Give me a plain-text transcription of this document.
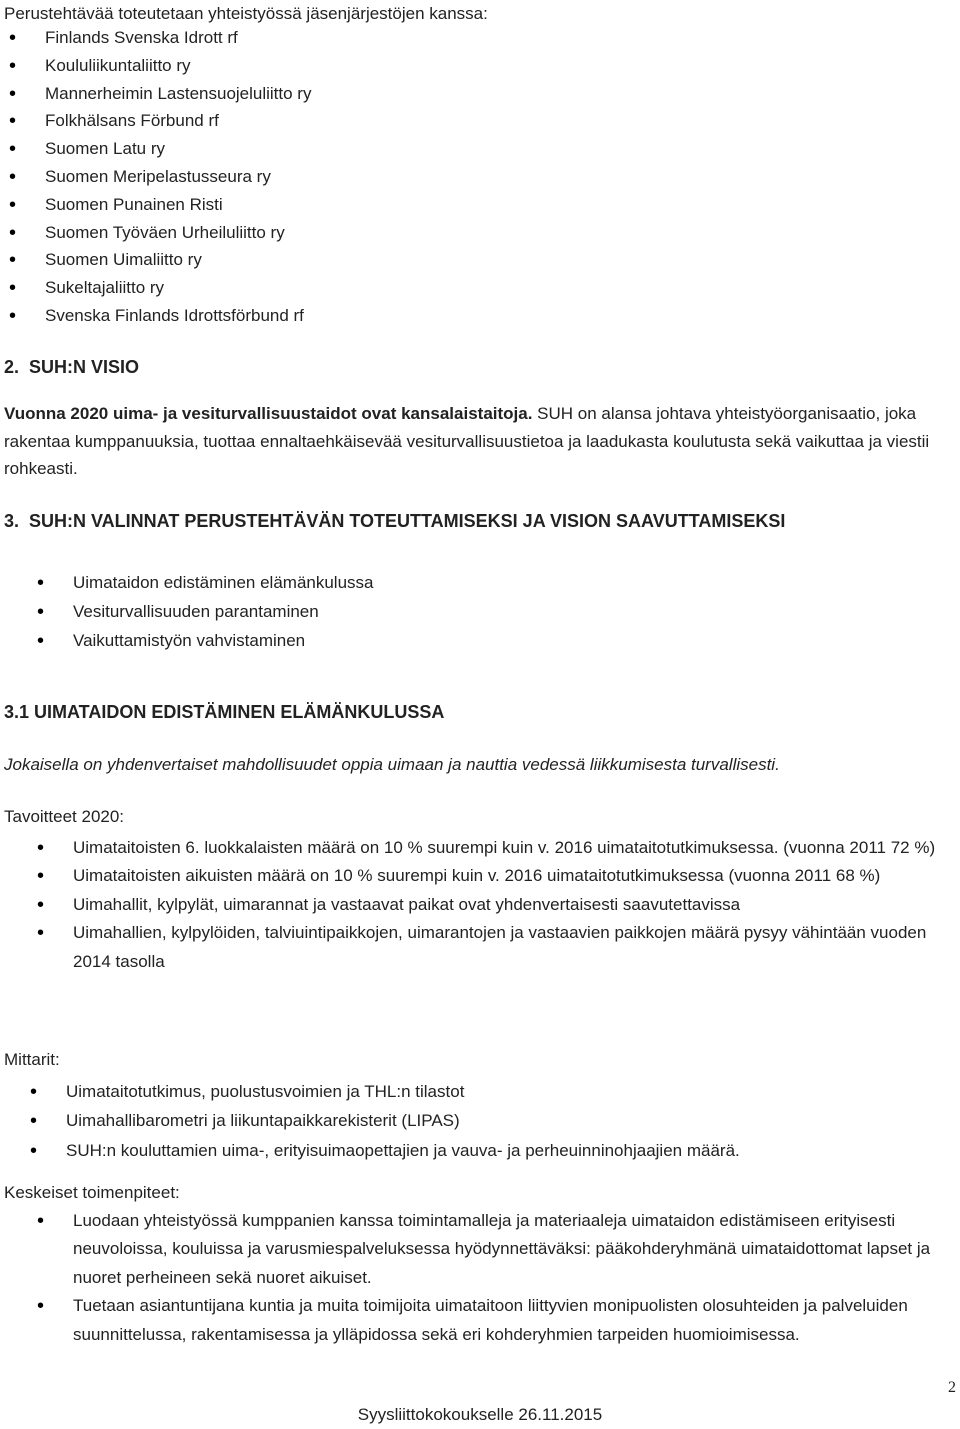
Perustehtävää toteutetaan yhteistyössä jäsenjärjestöjen kanssa:

• Finlands Svenska Idrott rf
• Koululiikuntaliitto ry
• Mannerheimin Lastensuojeluliitto ry
• Folkhälsans Förbund rf
• Suomen Latu ry
• Suomen Meripelastusseura ry
• Suomen Punainen Risti
• Suomen Työväen Urheiluliitto ry
• Suomen Uimaliitto ry
• Sukeltajaliitto ry
• Svenska Finlands Idrottsförbund rf
2.  SUH:N VISIO

Vuonna 2020 uima- ja vesiturvallisuustaidot ovat kansalaistaitoja. SUH on alansa johtava yhteistyöorganisaatio, joka rakentaa kumppanuuksia, tuottaa ennaltaehkäisevää vesiturvallisuustietoa ja laadukasta koulutusta sekä vaikuttaa ja viestii rohkeasti.

3.  SUH:N VALINNAT PERUSTEHTÄVÄN TOTEUTTAMISEKSI JA VISION SAAVUTTAMISEKSI
• Uimataidon edistäminen elämänkulussa
• Vesiturvallisuuden parantaminen
• Vaikuttamistyön vahvistaminen
3.1 UIMATAIDON EDISTÄMINEN ELÄMÄNKULUSSA

Jokaisella on yhdenvertaiset mahdollisuudet oppia uimaan ja nauttia vedessä liikkumisesta turvallisesti.

Tavoitteet 2020:

• Uimataitoisten 6. luokkalaisten määrä on 10 % suurempi kuin v. 2016 uimataitotutkimuksessa. (vuonna 2011 72 %)
• Uimataitoisten aikuisten määrä on 10 % suurempi kuin v. 2016 uimataitotutkimuksessa (vuonna 2011 68 %)
• Uimahallit, kylpylät, uimarannat ja vastaavat paikat ovat yhdenvertaisesti saavutettavissa
• Uimahallien, kylpylöiden, talviuintipaikkojen, uimarantojen ja vastaavien paikkojen määrä pysyy vähintään vuoden 2014 tasolla

Mittarit:

• Uimataitotutkimus, puolustusvoimien ja THL:n tilastot
• Uimahallibarometri ja liikuntapaikkarekisterit (LIPAS)
• SUH:n kouluttamien uima-, erityisuimaopettajien ja vauva- ja perheuinninohjaajien määrä.

Keskeiset toimenpiteet:

• Luodaan yhteistyössä kumppanien kanssa toimintamalleja ja materiaaleja uimataidon edistämiseen erityisesti neuvoloissa, kouluissa ja varusmiespalveluksessa hyödynnettäväksi: pääkohderyhmänä uimataidottomat lapset ja nuoret perheineen sekä nuoret aikuiset.
• Tuetaan asiantuntijana kuntia ja muita toimijoita uimataitoon liittyvien monipuolisten olosuhteiden ja palveluiden suunnittelussa, rakentamisessa ja ylläpidossa sekä eri kohderyhmien tarpeiden huomioimisessa.

2

Syysliittokokoukselle 26.11.2015
